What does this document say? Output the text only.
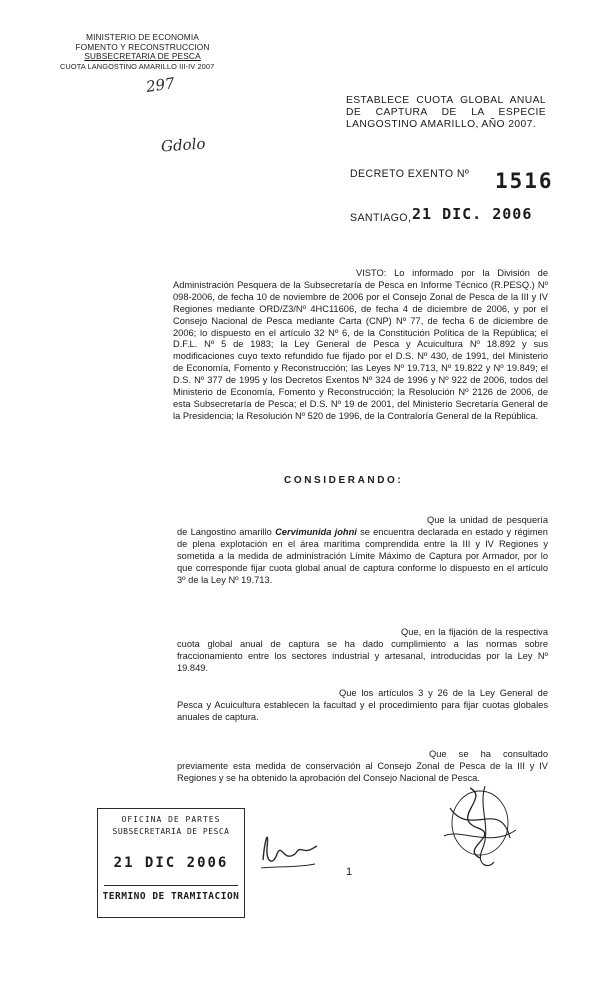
MINISTERIO DE ECONOMIA
FOMENTO Y RECONSTRUCCION
SUBSECRETARIA DE PESCA
CUOTA LANGOSTINO AMARILLO III-IV 2007
297
Gdolo
ESTABLECE CUOTA GLOBAL ANUAL DE CAPTURA DE LA ESPECIE LANGOSTINO AMARILLO, AÑO 2007.
DECRETO EXENTO Nº 1516
SANTIAGO, 21 DIC. 2006
VISTO: Lo informado por la División de Administración Pesquera de la Subsecretaría de Pesca en Informe Técnico (R.PESQ.) Nº 098-2006, de fecha 10 de noviembre de 2006 por el Consejo Zonal de Pesca de la III y IV Regiones mediante ORD/Z3/Nº 4HC11606, de fecha 4 de diciembre de 2006, y por el Consejo Nacional de Pesca mediante Carta (CNP) Nº 77, de fecha 6 de diciembre de 2006; lo dispuesto en el artículo 32 Nº 6, de la Constitución Política de la República; el D.F.L. Nº 5 de 1983; la Ley General de Pesca y Acuicultura Nº 18.892 y sus modificaciones cuyo texto refundido fue fijado por el D.S. Nº 430, de 1991, del Ministerio de Economía, Fomento y Reconstrucción; las Leyes Nº 19.713, Nº 19.822 y Nº 19.849; el D.S. Nº 377 de 1995 y los Decretos Exentos Nº 324 de 1996 y Nº 922 de 2006, todos del Ministerio de Economía, Fomento y Reconstrucción; la Resolución Nº 2126 de 2006, de esta Subsecretaría de Pesca; el D.S. Nº 19 de 2001, del Ministerio Secretaría General de la Presidencia; la Resolución Nº 520 de 1996, de la Contraloría General de la República.
CONSIDERANDO:
Que la unidad de pesquería de Langostino amarillo Cervimunida johni se encuentra declarada en estado y régimen de plena explotación en el área marítima comprendida entre la III y IV Regiones y sometida a la medida de administración Límite Máximo de Captura por Armador, por lo que corresponde fijar cuota global anual de captura conforme lo dispuesto en el artículo 3º de la Ley Nº 19.713.
Que, en la fijación de la respectiva cuota global anual de captura se ha dado cumplimiento a las normas sobre fraccionamiento entre los sectores industrial y artesanal, introducidas por la Ley Nº 19.849.
Que los artículos 3 y 26 de la Ley General de Pesca y Acuicultura establecen la facultad y el procedimiento para fijar cuotas globales anuales de captura.
Que se ha consultado previamente esta medida de conservación al Consejo Zonal de Pesca de la III y IV Regiones y se ha obtenido la aprobación del Consejo Nacional de Pesca.
OFICINA DE PARTES
SUBSECRETARIA DE PESCA
21 DIC 2006
TERMINO DE TRAMITACION
1
